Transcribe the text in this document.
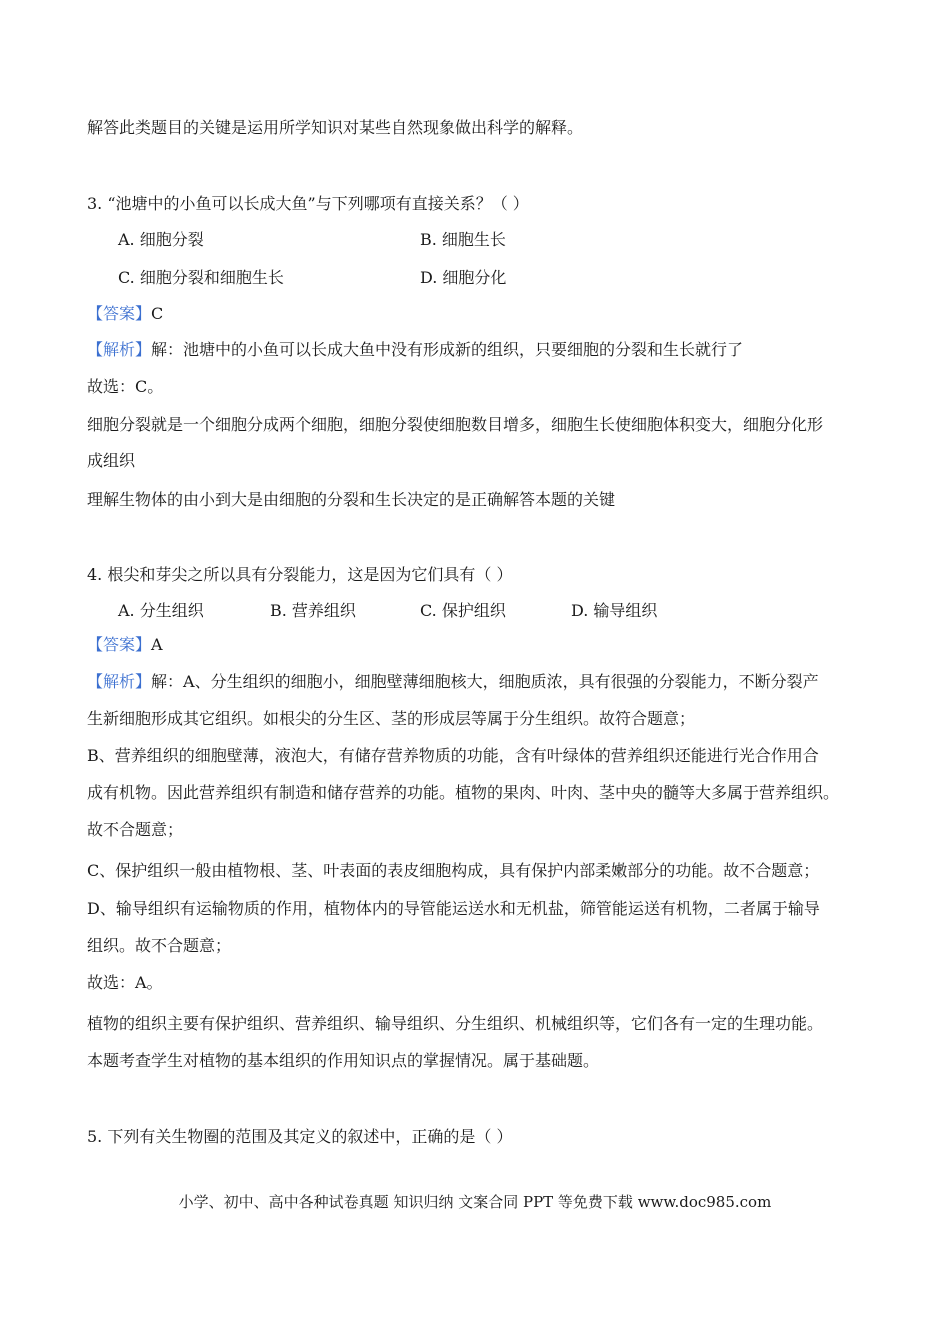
解答此类题目的关键是运用所学知识对某些自然现象做出科学的解释。
3. “池塘中的小鱼可以长成大鱼”与下列哪项有直接关系？（ ）
A. 细胞分裂	B. 细胞生长
C. 细胞分裂和细胞生长	D. 细胞分化
【答案】C
【解析】解：池塘中的小鱼可以长成大鱼中没有形成新的组织，只要细胞的分裂和生长就行了
故选：C。
细胞分裂就是一个细胞分成两个细胞，细胞分裂使细胞数目增多，细胞生长使细胞体积变大，细胞分化形
成组织
理解生物体的由小到大是由细胞的分裂和生长决定的是正确解答本题的关键
4. 根尖和芽尖之所以具有分裂能力，这是因为它们具有（ ）
A. 分生组织	B. 营养组织	C. 保护组织	D. 输导组织
【答案】A
【解析】解：A、分生组织的细胞小，细胞壁薄细胞核大，细胞质浓，具有很强的分裂能力，不断分裂产
生新细胞形成其它组织。如根尖的分生区、茎的形成层等属于分生组织。故符合题意；
B、营养组织的细胞壁薄，液泡大，有储存营养物质的功能，含有叶绿体的营养组织还能进行光合作用合
成有机物。因此营养组织有制造和储存营养的功能。植物的果肉、叶肉、茎中央的髓等大多属于营养组织。
故不合题意；
C、保护组织一般由植物根、茎、叶表面的表皮细胞构成，具有保护内部柔嫩部分的功能。故不合题意；
D、输导组织有运输物质的作用，植物体内的导管能运送水和无机盐，筛管能运送有机物，二者属于输导
组织。故不合题意；
故选：A。
植物的组织主要有保护组织、营养组织、输导组织、分生组织、机械组织等，它们各有一定的生理功能。
本题考查学生对植物的基本组织的作用知识点的掌握情况。属于基础题。
5. 下列有关生物圈的范围及其定义的叙述中，正确的是（ ）
小学、初中、高中各种试卷真题 知识归纳 文案合同 PPT 等免费下载 www.doc985.com
